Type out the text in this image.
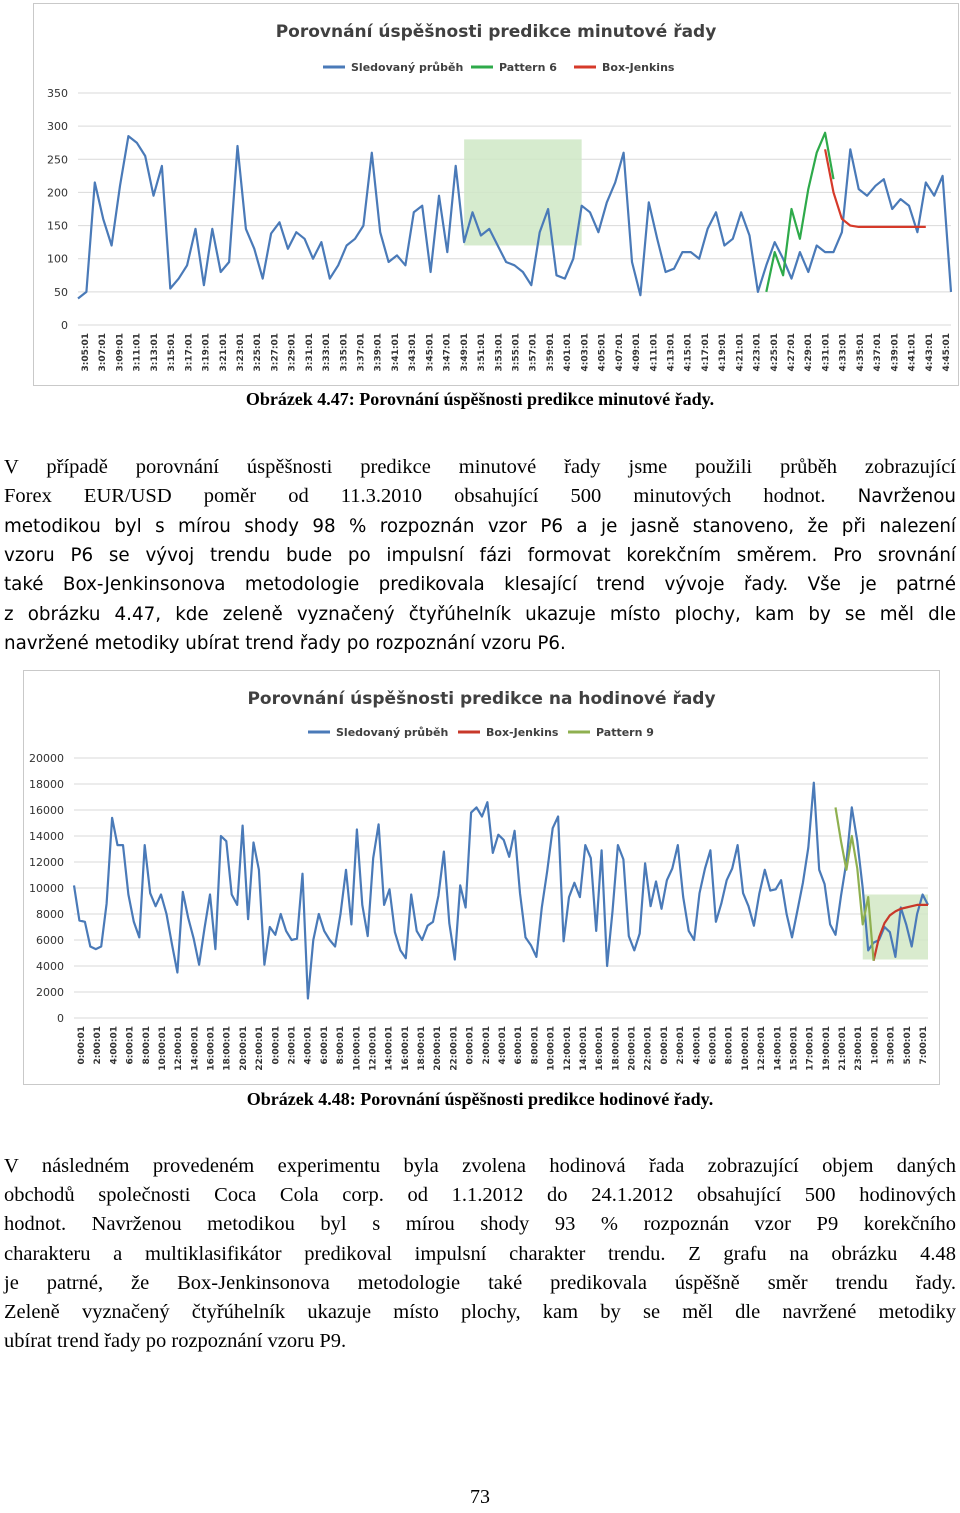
Porovnání úspěšnosti predikce minutové řady
Sledovaný průběh	Pattern 6	Box-Jenkins
0
50
100
150
200
250
300
350
3:05:01 3:07:01 3:09:01 3:11:01 3:13:01 3:15:01 3:17:01 3:19:01 3:21:01 3:23:01 3:25:01 3:27:01 3:29:01 3:31:01 3:33:01 3:35:01 3:37:01 3:39:01 3:41:01 3:43:01 3:45:01 3:47:01 3:49:01 3:51:01 3:53:01 3:55:01 3:57:01 3:59:01 4:01:01 4:03:01 4:05:01 4:07:01 4:09:01 4:11:01 4:13:01 4:15:01 4:17:01 4:19:01 4:21:01 4:23:01 4:25:01 4:27:01 4:29:01 4:31:01 4:33:01 4:35:01 4:37:01 4:39:01 4:41:01 4:43:01 4:45:01
Obrázek 4.47: Porovnání úspěšnosti predikce minutové řady.
V případě porovnání úspěšnosti predikce minutové řady jsme použili průběh zobrazující
Forex EUR/USD poměr od 11.3.2010 obsahující 500 minutových hodnot. Navrženou
metodikou byl s mírou shody 98 % rozpoznán vzor P6 a je jasně stanoveno, že při nalezení
vzoru P6 se vývoj trendu bude po impulsní fázi formovat korekčním směrem. Pro srovnání
také Box-Jenkinsonova metodologie predikovala klesající trend vývoje řady. Vše je patrné
z obrázku 4.47, kde zeleně vyznačený čtyřúhelník ukazuje místo plochy, kam by se měl dle
navržené metodiky ubírat trend řady po rozpoznání vzoru P6.
Porovnání úspěšnosti predikce na hodinové řady
Sledovaný průběh	Box-Jenkins	Pattern 9
0
2000
4000
6000
8000
10000
12000
14000
16000
18000
20000
0:00:01 2:00:01 4:00:01 6:00:01 8:00:01 10:00:01 12:00:01 14:00:01 16:00:01 18:00:01 20:00:01 22:00:01 0:00:01 2:00:01 4:00:01 6:00:01 8:00:01 10:00:01 12:00:01 14:00:01 16:00:01 18:00:01 20:00:01 22:00:01 0:00:01 2:00:01 4:00:01 6:00:01 8:00:01 10:00:01 12:00:01 14:00:01 16:00:01 18:00:01 20:00:01 22:00:01 0:00:01 2:00:01 4:00:01 6:00:01 8:00:01 10:00:01 12:00:01 14:00:01 15:00:01 17:00:01 19:00:01 21:00:01 23:00:01 1:00:01 3:00:01 5:00:01 7:00:01
Obrázek 4.48: Porovnání úspěšnosti predikce hodinové řady.
V následném provedeném experimentu byla zvolena hodinová řada zobrazující objem daných
obchodů společnosti Coca Cola corp. od 1.1.2012 do 24.1.2012 obsahující 500 hodinových
hodnot. Navrženou metodikou byl s mírou shody 93 % rozpoznán vzor P9 korekčního
charakteru a multiklasifikátor predikoval impulsní charakter trendu. Z grafu na obrázku 4.48
je patrné, že Box-Jenkinsonova metodologie také predikovala úspěšně směr trendu řady.
Zeleně vyznačený čtyřúhelník ukazuje místo plochy, kam by se měl dle navržené metodiky
ubírat trend řady po rozpoznání vzoru P9.
73
